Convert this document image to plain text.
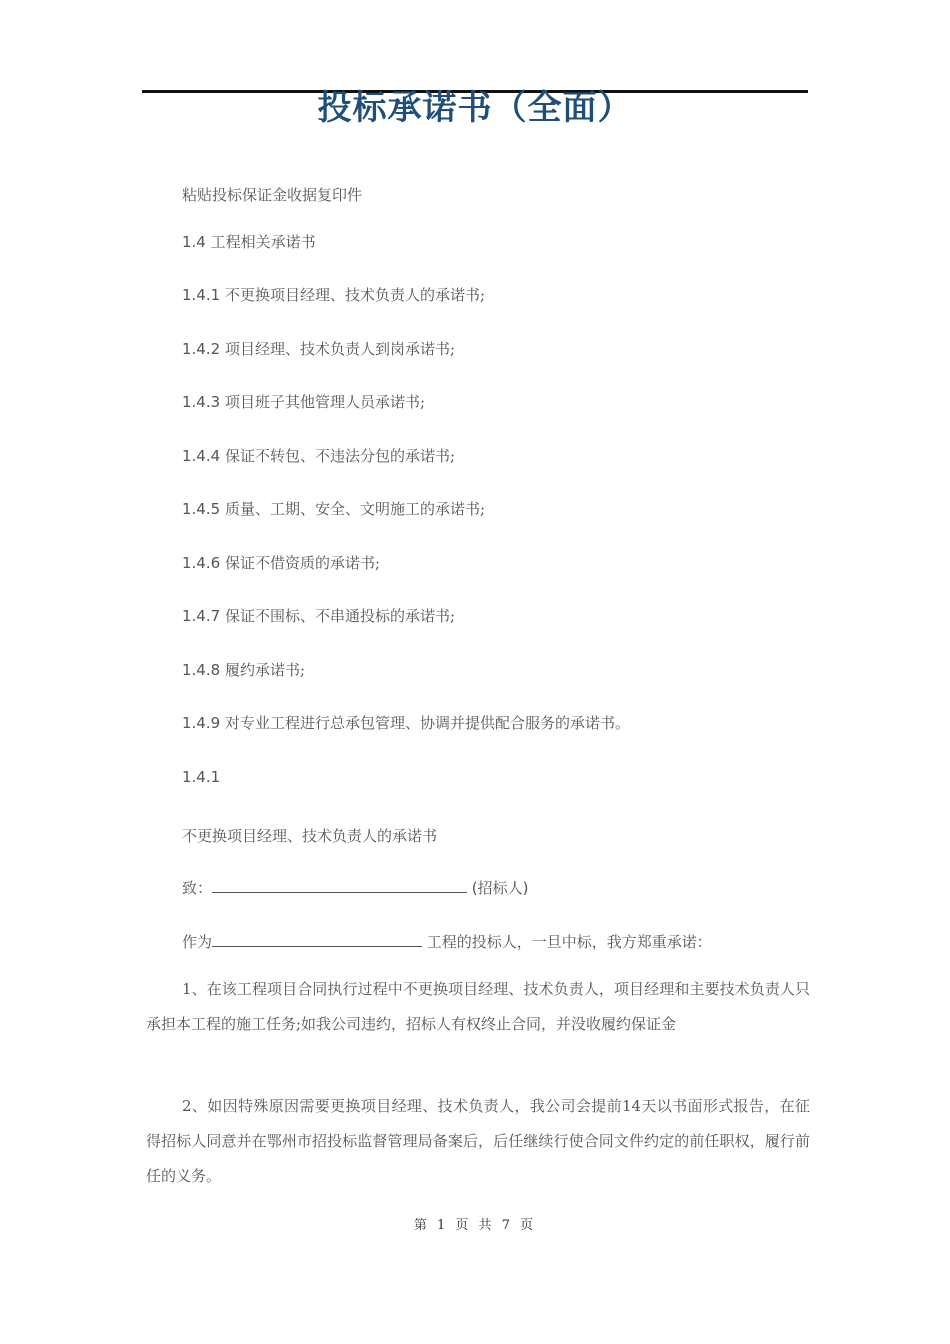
投标承诺书（全面）
粘贴投标保证金收据复印件
1.4 工程相关承诺书
1.4.1 不更换项目经理、技术负责人的承诺书;
1.4.2 项目经理、技术负责人到岗承诺书;
1.4.3 项目班子其他管理人员承诺书;
1.4.4 保证不转包、不违法分包的承诺书;
1.4.5 质量、工期、安全、文明施工的承诺书;
1.4.6 保证不借资质的承诺书;
1.4.7 保证不围标、不串通投标的承诺书;
1.4.8 履约承诺书;
1.4.9 对专业工程进行总承包管理、协调并提供配合服务的承诺书。
1.4.1
不更换项目经理、技术负责人的承诺书
致：	(招标人)
作为	工程的投标人，一旦中标，我方郑重承诺：
1、在该工程项目合同执行过程中不更换项目经理、技术负责人，项目经理和主要技术负责人只承担本工程的施工任务;如我公司违约，招标人有权终止合同，并没收履约保证金
2、如因特殊原因需要更换项目经理、技术负责人，我公司会提前14天以书面形式报告，在征得招标人同意并在鄂州市招投标监督管理局备案后，后任继续行使合同文件约定的前任职权，履行前任的义务。
第 1 页 共 7 页
